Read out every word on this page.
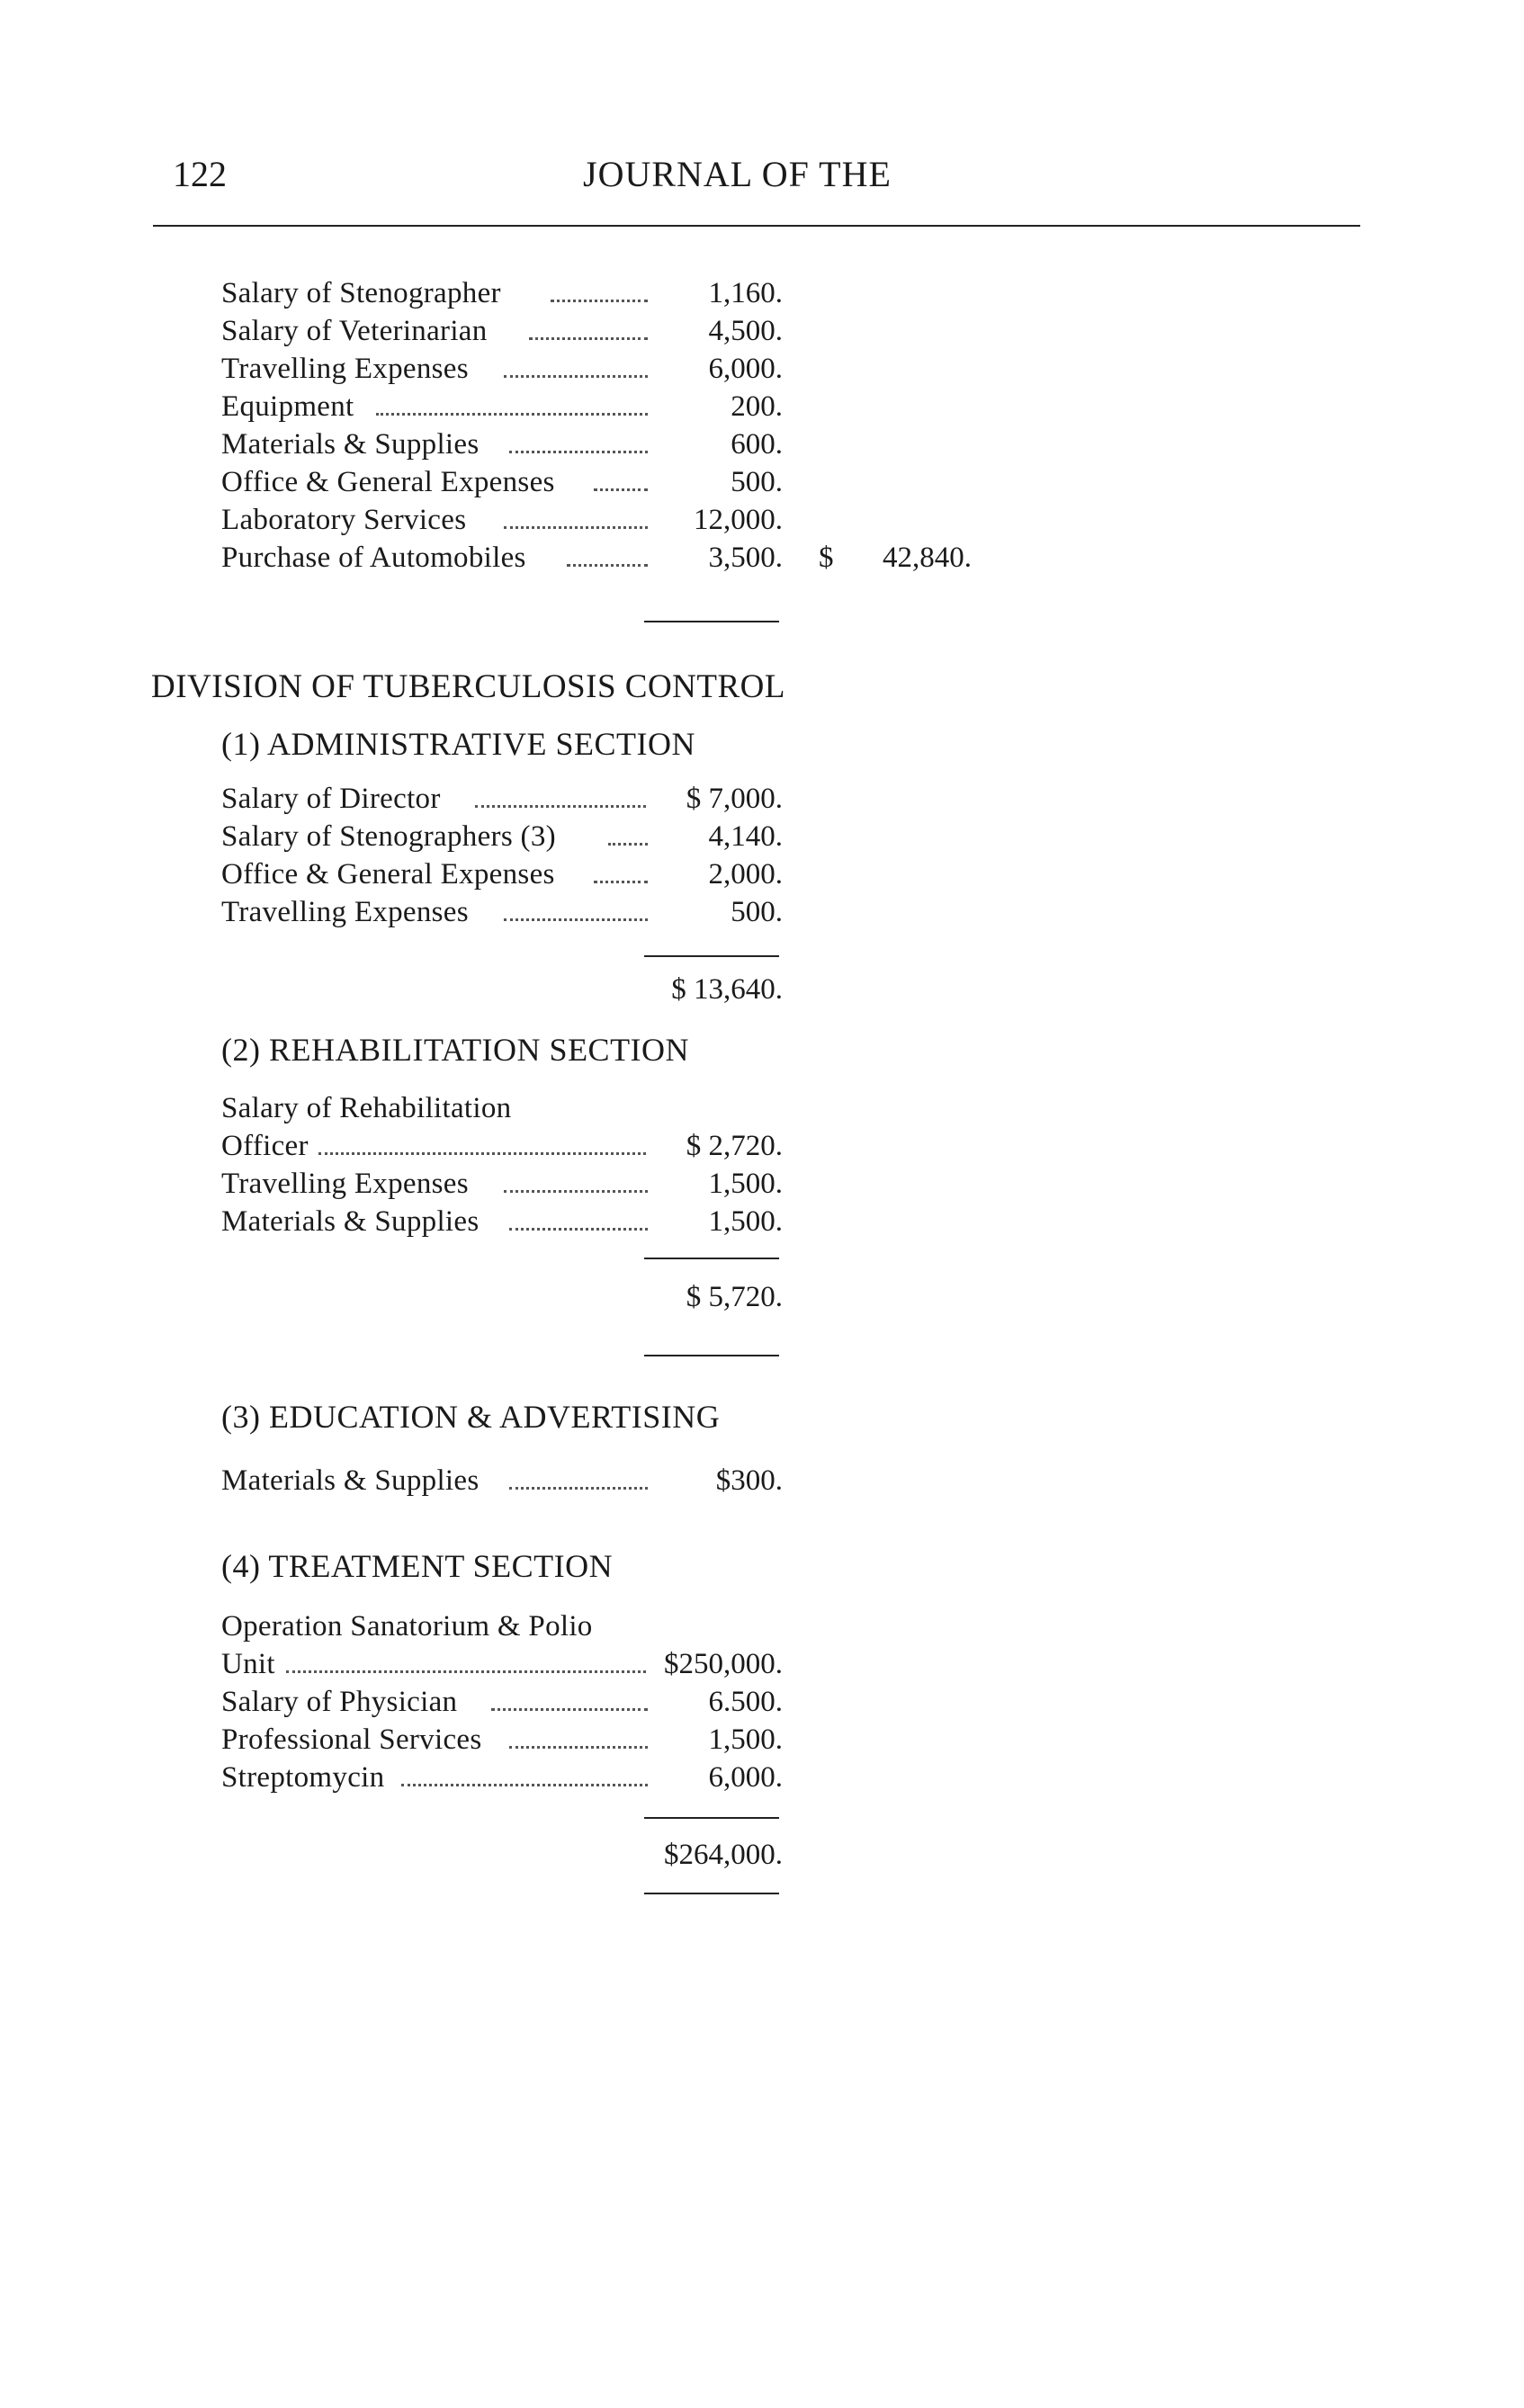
122	JOURNAL OF THE
Salary of Stenographer	1,160.
Salary of Veterinarian	4,500.
Travelling Expenses	6,000.
Equipment	200.
Materials & Supplies	600.
Office & General Expenses	500.
Laboratory Services	12,000.
Purchase of Automobiles	3,500. $	42,840.
DIVISION OF TUBERCULOSIS CONTROL
(1) ADMINISTRATIVE SECTION
Salary of Director	$ 7,000.
Salary of Stenographers (3)	4,140.
Office & General Expenses	2,000.
Travelling Expenses	500.
$ 13,640.
(2) REHABILITATION SECTION
Salary of Rehabilitation
Officer	$ 2,720.
Travelling Expenses	1,500.
Materials & Supplies	1,500.
$ 5,720.
(3) EDUCATION & ADVERTISING
Materials & Supplies	$300.
(4) TREATMENT SECTION
Operation Sanatorium & Polio
Unit	$250,000.
Salary of Physician	6.500.
Professional Services	1,500.
Streptomycin	6,000.
$264,000.
